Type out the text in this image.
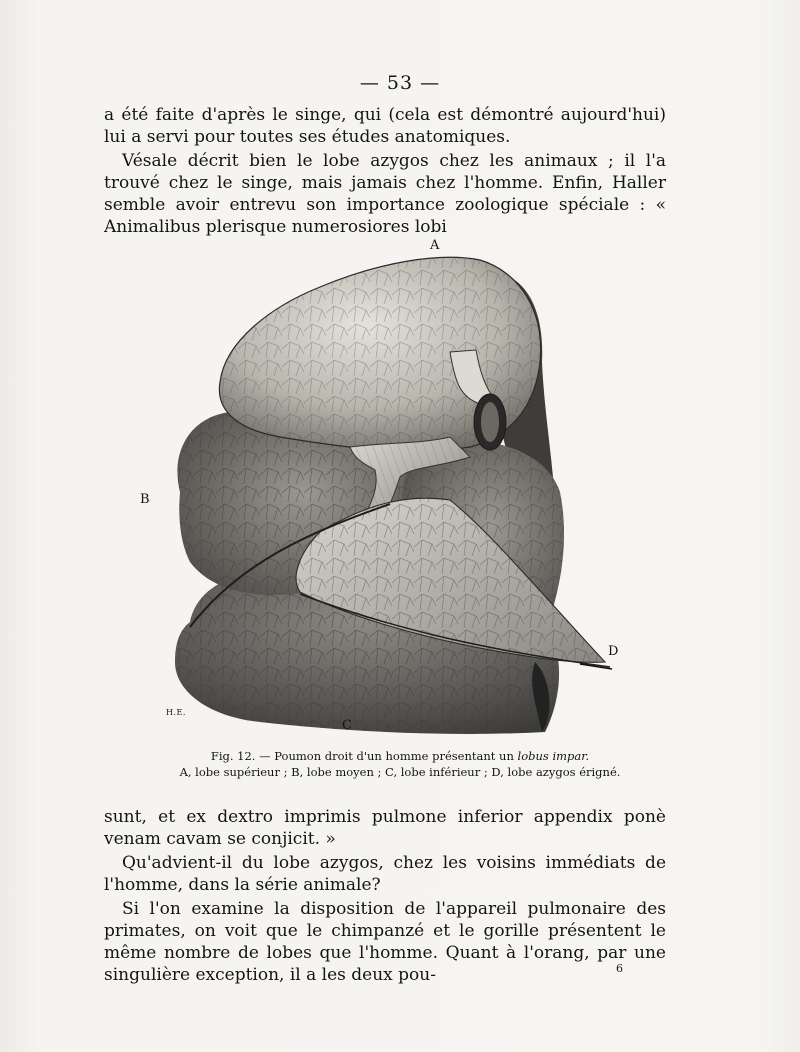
— 53 —

a été faite d'après le singe, qui (cela est démontré aujourd'hui) lui a servi pour toutes ses études anatomiques.

Vésale décrit bien le lobe azygos chez les animaux ; il l'a trouvé chez le singe, mais jamais chez l'homme. Enfin, Haller semble avoir entrevu son importance zoologique spéciale : « Animalibus plerisque numerosiores lobi

A
B
C
D
H.E.
Fig. 12. — Poumon droit d'un homme présentant un lobus impar.
A, lobe supérieur ; B, lobe moyen ; C, lobe inférieur ; D, lobe azygos érigné.

sunt, et ex dextro imprimis pulmone inferior appendix ponè venam cavam se conjicit. »

Qu'advient-il du lobe azygos, chez les voisins immédiats de l'homme, dans la série animale?

Si l'on examine la disposition de l'appareil pulmonaire des primates, on voit que le chimpanzé et le gorille présentent le même nombre de lobes que l'homme. Quant à l'orang, par une singulière exception, il a les deux pou-	6
